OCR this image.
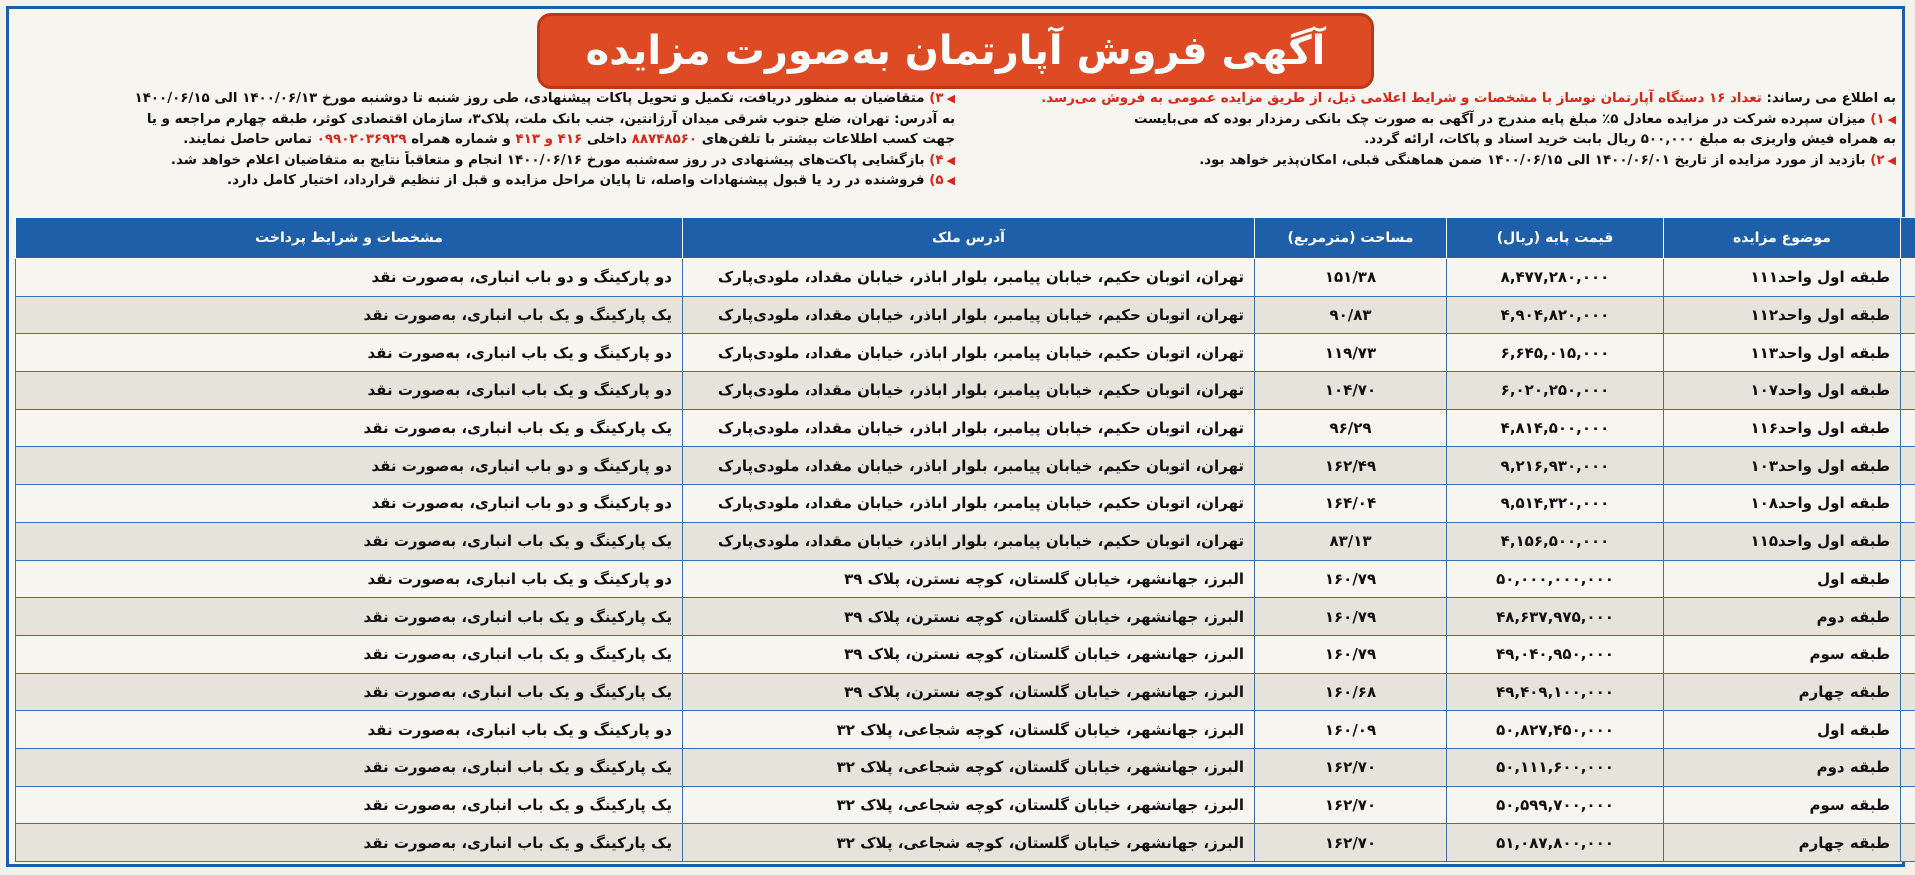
آگهی فروش آپارتمان به‌صورت مزایده
به اطلاع می رساند: تعداد ۱۶ دستگاه آپارتمان نوساز با مشخصات و شرایط اعلامی ذیل، از طریق مزایده عمومی به فروش می‌رسد.
◀۱) میزان سپرده شرکت در مزایده معادل ۵٪ مبلغ پایه مندرج در آگهی به صورت چک بانکی رمزدار بوده که می‌بایست
به همراه فیش واریزی به مبلغ ۵۰۰,۰۰۰ ریال بابت خرید اسناد و پاکات، ارائه گردد.
◀۲) بازدید از مورد مزایده از تاریخ ۱۴۰۰/۰۶/۰۱ الی ۱۴۰۰/۰۶/۱۵ ضمن هماهنگی قبلی، امکان‌پذیر خواهد بود.
◀۳) متقاضیان به منظور دریافت، تکمیل و تحویل پاکات پیشنهادی، طی روز شنبه تا دوشنبه مورخ ۱۴۰۰/۰۶/۱۳ الی ۱۴۰۰/۰۶/۱۵
به آدرس: تهران، ضلع جنوب شرقی میدان آرژانتین، جنب بانک ملت، پلاک۳، سازمان اقتصادی کوثر، طبقه چهارم مراجعه و یا
جهت کسب اطلاعات بیشتر با تلفن‌های ۸۸۷۴۸۵۶۰ داخلی ۴۱۶ و ۴۱۳ و شماره همراه ۰۹۹۰۲۰۳۶۹۲۹ تماس حاصل نمایند.
◀۴) بازگشایی پاکت‌های پیشنهادی در روز سه‌شنبه مورخ ۱۴۰۰/۰۶/۱۶ انجام و متعاقباً نتایج به متقاضیان اعلام خواهد شد.
◀۵) فروشنده در رد یا قبول پیشنهادات واصله، تا پایان مراحل مزایده و قبل از تنظیم قرارداد، اختیار کامل دارد.
	موضوع مزایده	قیمت پایه (ریال)	مساحت (مترمربع)	آدرس ملک	مشخصات و شرایط پرداخت
	طبقه اول واحد۱۱۱	۸,۴۷۷,۲۸۰,۰۰۰	۱۵۱/۳۸	تهران، اتوبان حکیم، خیابان پیامبر، بلوار اباذر، خیابان مقداد، ملودی‌پارک	دو پارکینگ و دو باب انباری، به‌صورت نقد
	طبقه اول واحد۱۱۲	۴,۹۰۴,۸۲۰,۰۰۰	۹۰/۸۳	تهران، اتوبان حکیم، خیابان پیامبر، بلوار اباذر، خیابان مقداد، ملودی‌پارک	یک پارکینگ و یک باب انباری، به‌صورت نقد
	طبقه اول واحد۱۱۳	۶,۶۴۵,۰۱۵,۰۰۰	۱۱۹/۷۳	تهران، اتوبان حکیم، خیابان پیامبر، بلوار اباذر، خیابان مقداد، ملودی‌پارک	دو پارکینگ و یک باب انباری، به‌صورت نقد
	طبقه اول واحد۱۰۷	۶,۰۲۰,۲۵۰,۰۰۰	۱۰۴/۷۰	تهران، اتوبان حکیم، خیابان پیامبر، بلوار اباذر، خیابان مقداد، ملودی‌پارک	دو پارکینگ و یک باب انباری، به‌صورت نقد
	طبقه اول واحد۱۱۶	۴,۸۱۴,۵۰۰,۰۰۰	۹۶/۲۹	تهران، اتوبان حکیم، خیابان پیامبر، بلوار اباذر، خیابان مقداد، ملودی‌پارک	یک پارکینگ و یک باب انباری، به‌صورت نقد
	طبقه اول واحد۱۰۳	۹,۲۱۶,۹۳۰,۰۰۰	۱۶۲/۴۹	تهران، اتوبان حکیم، خیابان پیامبر، بلوار اباذر، خیابان مقداد، ملودی‌پارک	دو پارکینگ و دو باب انباری، به‌صورت نقد
	طبقه اول واحد۱۰۸	۹,۵۱۴,۳۲۰,۰۰۰	۱۶۴/۰۴	تهران، اتوبان حکیم، خیابان پیامبر، بلوار اباذر، خیابان مقداد، ملودی‌پارک	دو پارکینگ و دو باب انباری، به‌صورت نقد
	طبقه اول واحد۱۱۵	۴,۱۵۶,۵۰۰,۰۰۰	۸۳/۱۳	تهران، اتوبان حکیم، خیابان پیامبر، بلوار اباذر، خیابان مقداد، ملودی‌پارک	یک پارکینگ و یک باب انباری، به‌صورت نقد
	طبقه اول	۵۰,۰۰۰,۰۰۰,۰۰۰	۱۶۰/۷۹	البرز، جهانشهر، خیابان گلستان، کوچه نسترن، پلاک ۳۹	دو پارکینگ و یک باب انباری، به‌صورت نقد
	طبقه دوم	۴۸,۶۳۷,۹۷۵,۰۰۰	۱۶۰/۷۹	البرز، جهانشهر، خیابان گلستان، کوچه نسترن، پلاک ۳۹	یک پارکینگ و یک باب انباری، به‌صورت نقد
	طبقه سوم	۴۹,۰۴۰,۹۵۰,۰۰۰	۱۶۰/۷۹	البرز، جهانشهر، خیابان گلستان، کوچه نسترن، پلاک ۳۹	یک پارکینگ و یک باب انباری، به‌صورت نقد
	طبقه چهارم	۴۹,۴۰۹,۱۰۰,۰۰۰	۱۶۰/۶۸	البرز، جهانشهر، خیابان گلستان، کوچه نسترن، پلاک ۳۹	یک پارکینگ و یک باب انباری، به‌صورت نقد
	طبقه اول	۵۰,۸۲۷,۴۵۰,۰۰۰	۱۶۰/۰۹	البرز، جهانشهر، خیابان گلستان، کوچه شجاعی، پلاک ۳۲	دو پارکینگ و یک باب انباری، به‌صورت نقد
	طبقه دوم	۵۰,۱۱۱,۶۰۰,۰۰۰	۱۶۲/۷۰	البرز، جهانشهر، خیابان گلستان، کوچه شجاعی، پلاک ۳۲	یک پارکینگ و یک باب انباری، به‌صورت نقد
	طبقه سوم	۵۰,۵۹۹,۷۰۰,۰۰۰	۱۶۲/۷۰	البرز، جهانشهر، خیابان گلستان، کوچه شجاعی، پلاک ۳۲	یک پارکینگ و یک باب انباری، به‌صورت نقد
	طبقه چهارم	۵۱,۰۸۷,۸۰۰,۰۰۰	۱۶۲/۷۰	البرز، جهانشهر، خیابان گلستان، کوچه شجاعی، پلاک ۳۲	یک پارکینگ و یک باب انباری، به‌صورت نقد
